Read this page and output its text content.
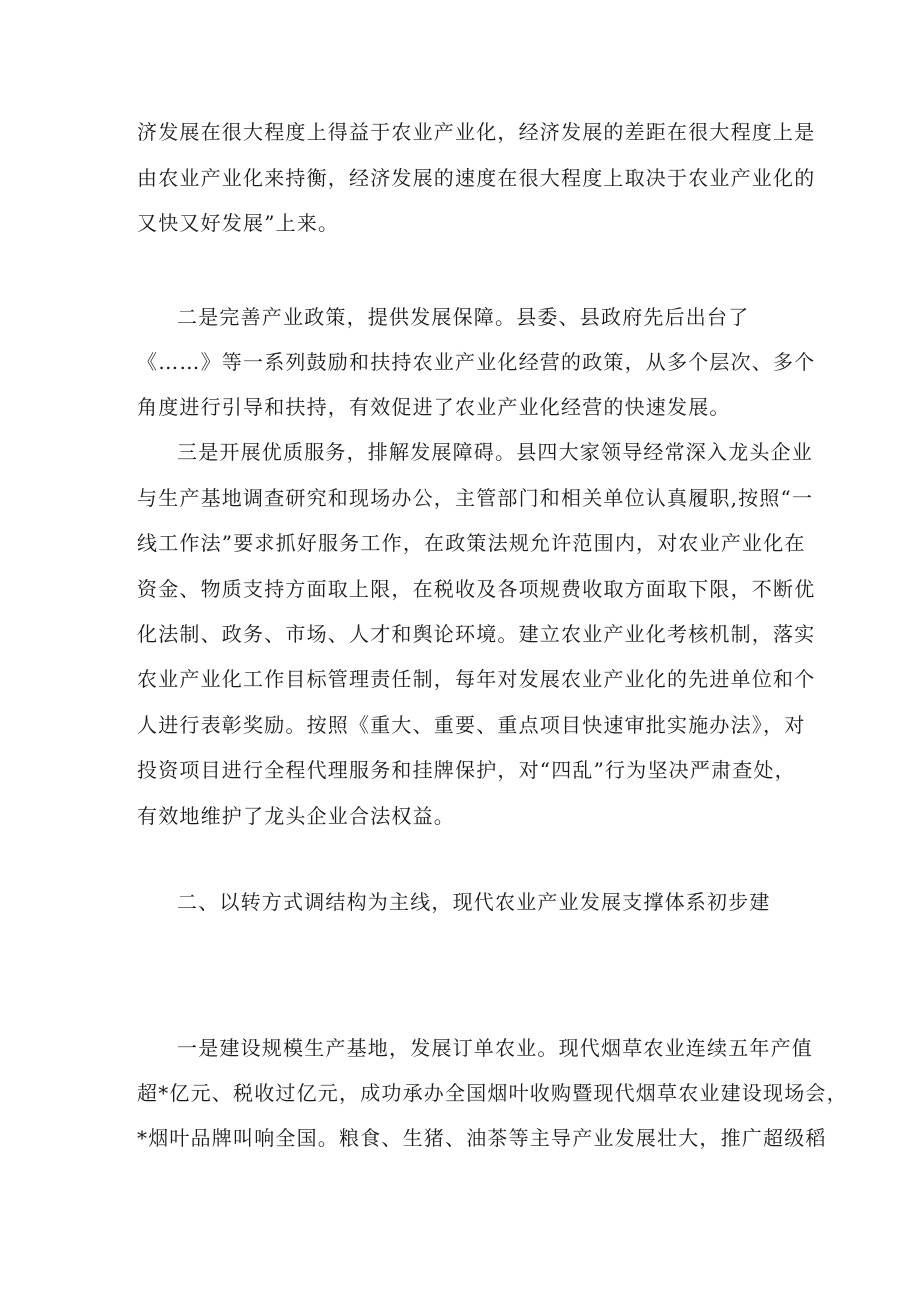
济发展在很大程度上得益于农业产业化，经济发展的差距在很大程度上是
由农业产业化来持衡，经济发展的速度在很大程度上取决于农业产业化的
又快又好发展”上来。
二是完善产业政策，提供发展保障。县委、县政府先后出台了
《……》等一系列鼓励和扶持农业产业化经营的政策，从多个层次、多个
角度进行引导和扶持，有效促进了农业产业化经营的快速发展。
三是开展优质服务，排解发展障碍。县四大家领导经常深入龙头企业
与生产基地调查研究和现场办公，主管部门和相关单位认真履职,按照“一
线工作法”要求抓好服务工作，在政策法规允许范围内，对农业产业化在
资金、物质支持方面取上限，在税收及各项规费收取方面取下限，不断优
化法制、政务、市场、人才和舆论环境。建立农业产业化考核机制，落实
农业产业化工作目标管理责任制，每年对发展农业产业化的先进单位和个
人进行表彰奖励。按照《重大、重要、重点项目快速审批实施办法》，对
投资项目进行全程代理服务和挂牌保护，对“四乱”行为坚决严肃查处，
有效地维护了龙头企业合法权益。
二、以转方式调结构为主线，现代农业产业发展支撑体系初步建
一是建设规模生产基地，发展订单农业。现代烟草农业连续五年产值
超*亿元、税收过亿元，成功承办全国烟叶收购暨现代烟草农业建设现场会，
*烟叶品牌叫响全国。粮食、生猪、油茶等主导产业发展壮大，推广超级稻
